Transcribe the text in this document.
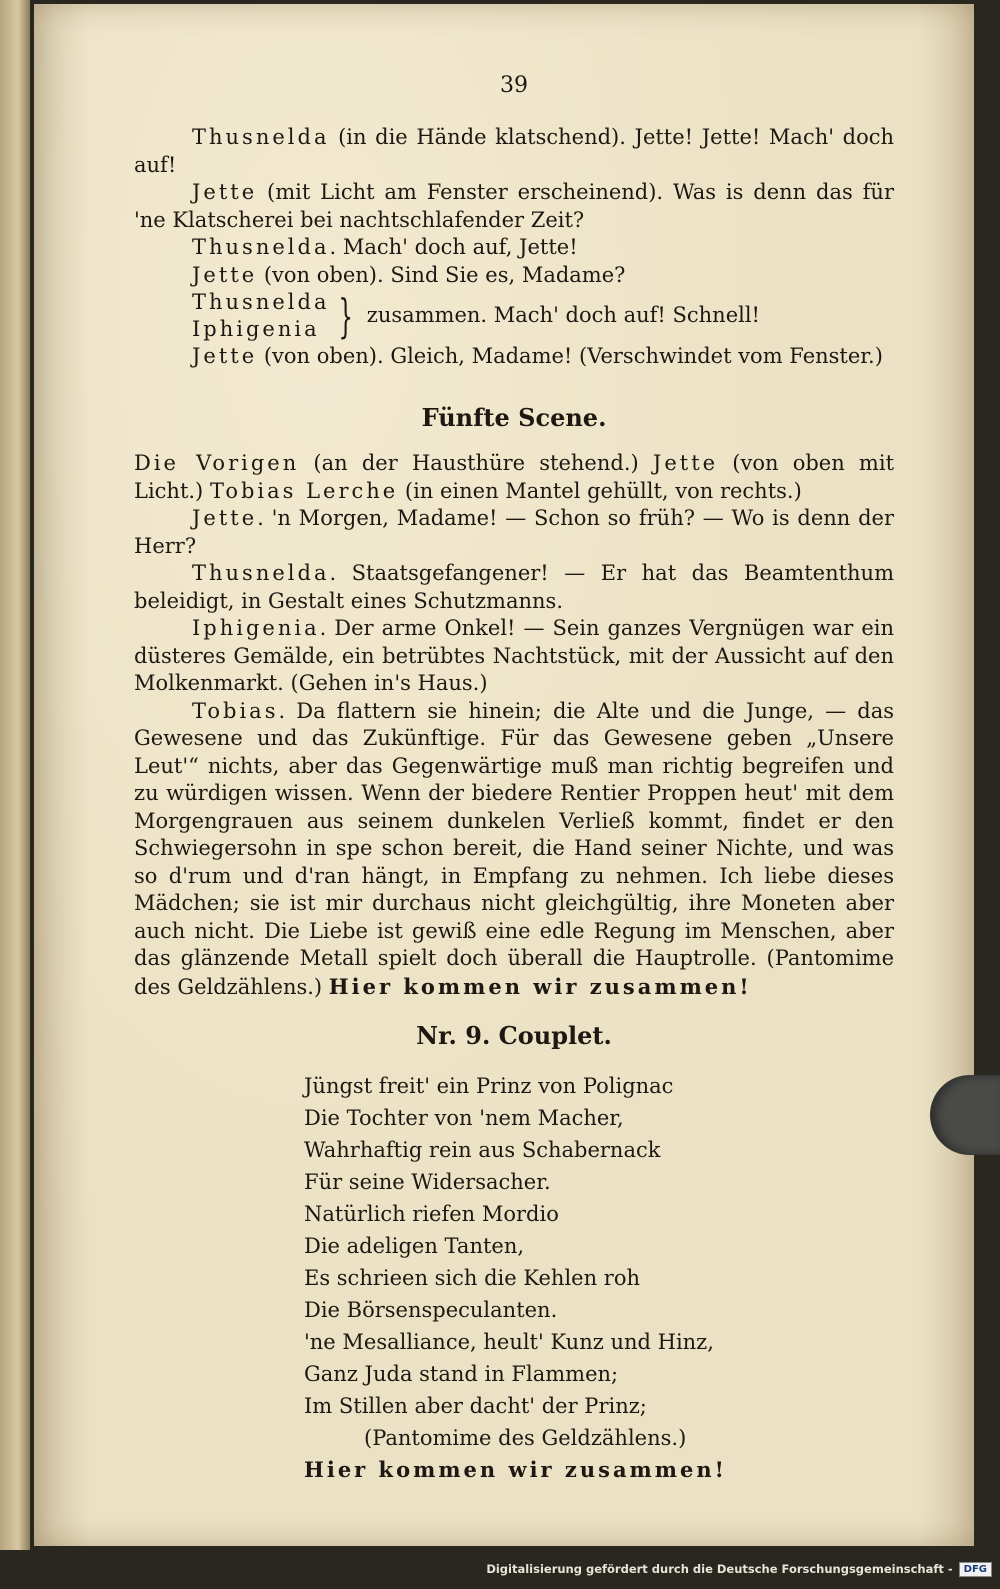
39

Thusnelda (in die Hände klatschend). Jette! Jette! Mach' doch auf!

Jette (mit Licht am Fenster erscheinend). Was is denn das für 'ne Klatscherei bei nachtschlafender Zeit?

Thusnelda. Mach' doch auf, Jette!

Jette (von oben). Sind Sie es, Madame?

Thusnelda
Iphigenia } zusammen. Mach' doch auf! Schnell!

Jette (von oben). Gleich, Madame! (Verschwindet vom Fenster.)

Fünfte Scene.

Die Vorigen (an der Hausthüre stehend.) Jette (von oben mit Licht.) Tobias Lerche (in einen Mantel gehüllt, von rechts.)

Jette. 'n Morgen, Madame! — Schon so früh? — Wo is denn der Herr?

Thusnelda. Staatsgefangener! — Er hat das Beamtenthum beleidigt, in Gestalt eines Schutzmanns.

Iphigenia. Der arme Onkel! — Sein ganzes Vergnügen war ein düsteres Gemälde, ein betrübtes Nachtstück, mit der Aussicht auf den Molkenmarkt. (Gehen in's Haus.)

Tobias. Da flattern sie hinein; die Alte und die Junge, — das Gewesene und das Zukünftige. Für das Gewesene geben „Unsere Leut'“ nichts, aber das Gegenwärtige muß man richtig begreifen und zu würdigen wissen. Wenn der biedere Rentier Proppen heut' mit dem Morgengrauen aus seinem dunkelen Verließ kommt, findet er den Schwiegersohn in spe schon bereit, die Hand seiner Nichte, und was so d'rum und d'ran hängt, in Empfang zu nehmen. Ich liebe dieses Mädchen; sie ist mir durchaus nicht gleichgültig, ihre Moneten aber auch nicht. Die Liebe ist gewiß eine edle Regung im Menschen, aber das glänzende Metall spielt doch überall die Hauptrolle. (Pantomime des Geldzählens.) Hier kommen wir zusammen!

Nr. 9. Couplet.
Jüngst freit' ein Prinz von Polignac
Die Tochter von 'nem Macher,
Wahrhaftig rein aus Schabernack
Für seine Widersacher.
Natürlich riefen Mordio
Die adeligen Tanten,
Es schrieen sich die Kehlen roh
Die Börsenspeculanten.
'ne Mesalliance, heult' Kunz und Hinz,
Ganz Juda stand in Flammen;
Im Stillen aber dacht' der Prinz;
(Pantomime des Geldzählens.)
Hier kommen wir zusammen!
Digitalisierung gefördert durch die Deutsche Forschungsgemeinschaft -	DFG
